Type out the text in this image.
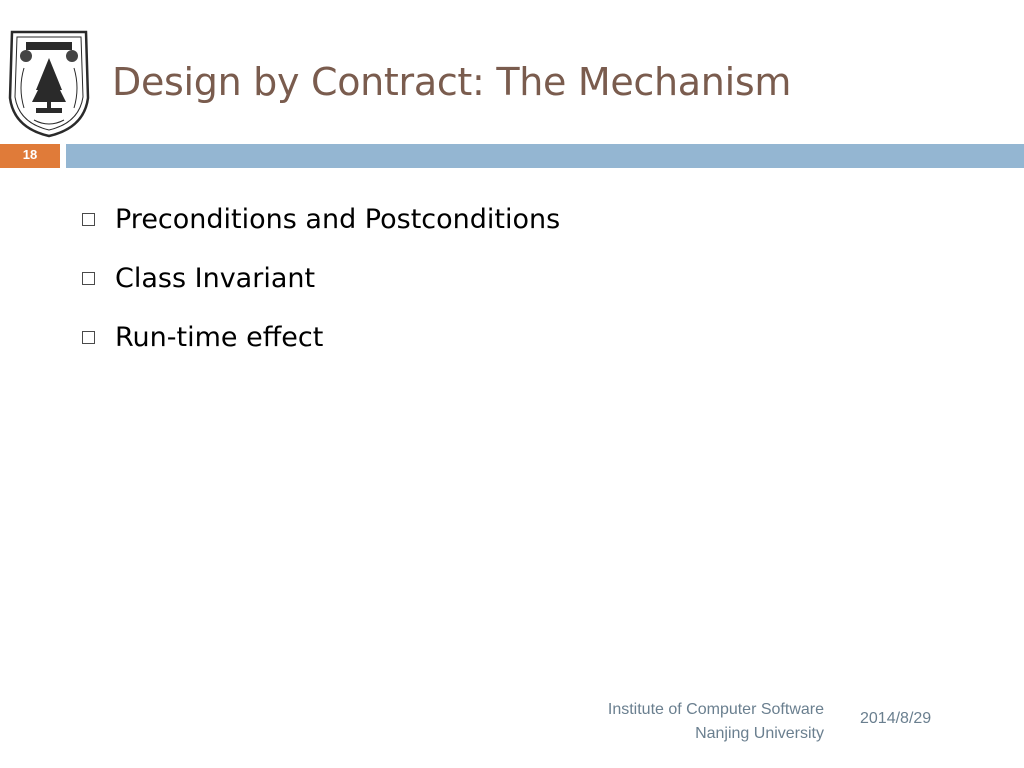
Design by Contract: The Mechanism
18
Preconditions and Postconditions
Class Invariant
Run-time effect
Institute of Computer Software
Nanjing University
2014/8/29
